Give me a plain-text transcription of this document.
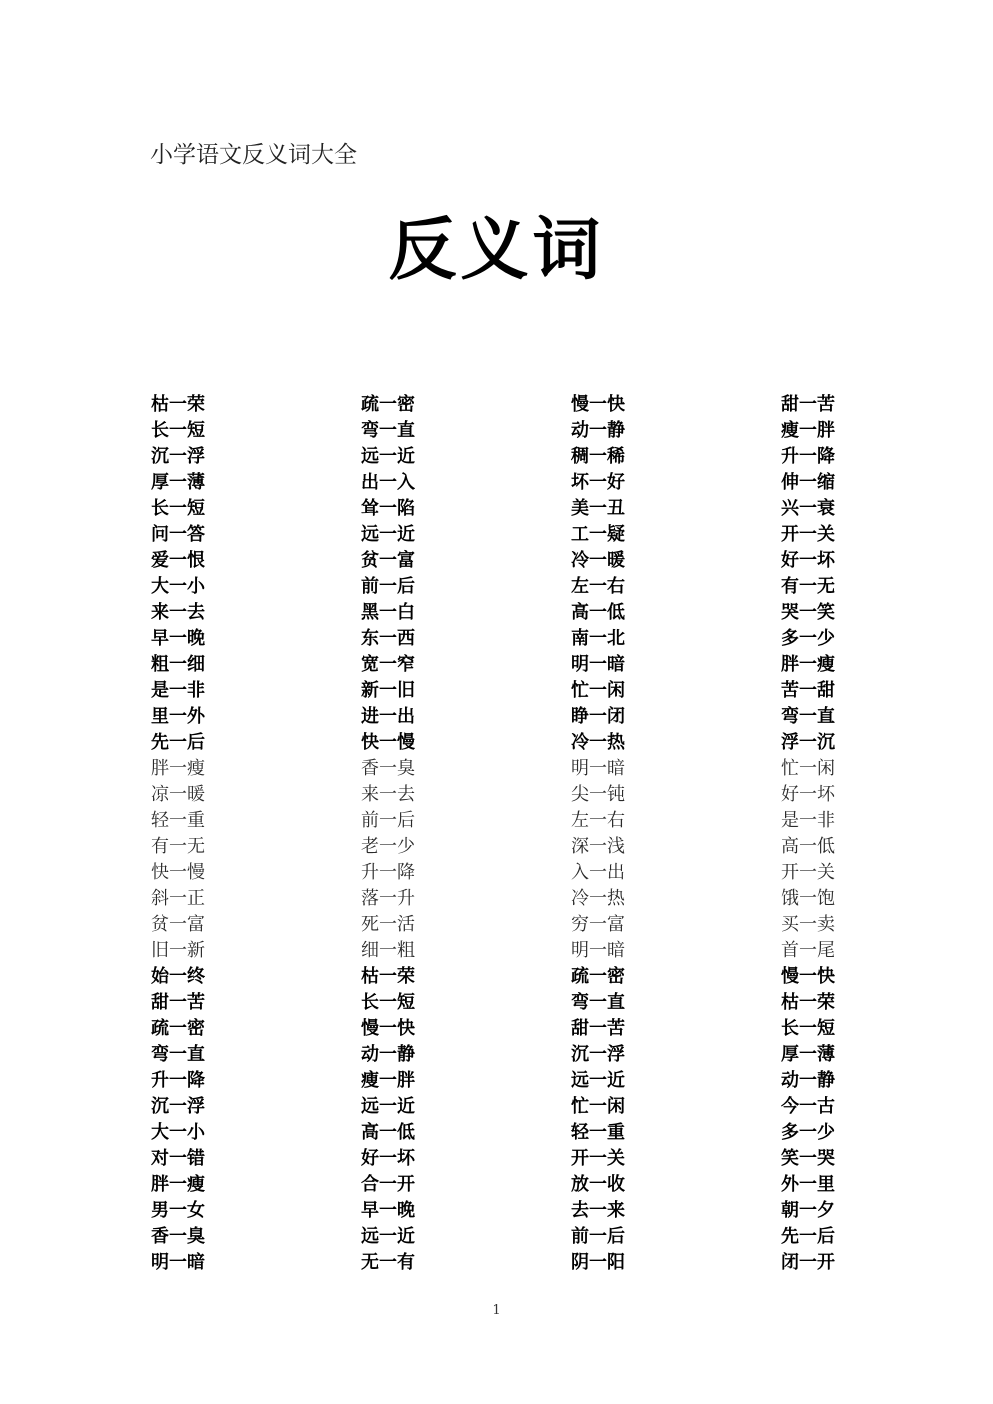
小学语文反义词大全
反义词
枯一荣	疏一密	慢一快	甜一苦
长一短	弯一直	动一静	瘦一胖
沉一浮	远一近	稠一稀	升一降
厚一薄	出一入	坏一好	伸一缩
长一短	耸一陷	美一丑	兴一衰
问一答	远一近	工一疑	开一关
爱一恨	贫一富	冷一暖	好一坏
大一小	前一后	左一右	有一无
来一去	黑一白	高一低	哭一笑
早一晚	东一西	南一北	多一少
粗一细	宽一窄	明一暗	胖一瘦
是一非	新一旧	忙一闲	苦一甜
里一外	进一出	睁一闭	弯一直
先一后	快一慢	冷一热	浮一沉
胖一瘦	香一臭	明一暗	忙一闲
凉一暖	来一去	尖一钝	好一坏
轻一重	前一后	左一右	是一非
有一无	老一少	深一浅	高一低
快一慢	升一降	入一出	开一关
斜一正	落一升	冷一热	饿一饱
贫一富	死一活	穷一富	买一卖
旧一新	细一粗	明一暗	首一尾
始一终	枯一荣	疏一密	慢一快
甜一苦	长一短	弯一直	枯一荣
疏一密	慢一快	甜一苦	长一短
弯一直	动一静	沉一浮	厚一薄
升一降	瘦一胖	远一近	动一静
沉一浮	远一近	忙一闲	今一古
大一小	高一低	轻一重	多一少
对一错	好一坏	开一关	笑一哭
胖一瘦	合一开	放一收	外一里
男一女	早一晚	去一来	朝一夕
香一臭	远一近	前一后	先一后
明一暗	无一有	阴一阳	闭一开
1
